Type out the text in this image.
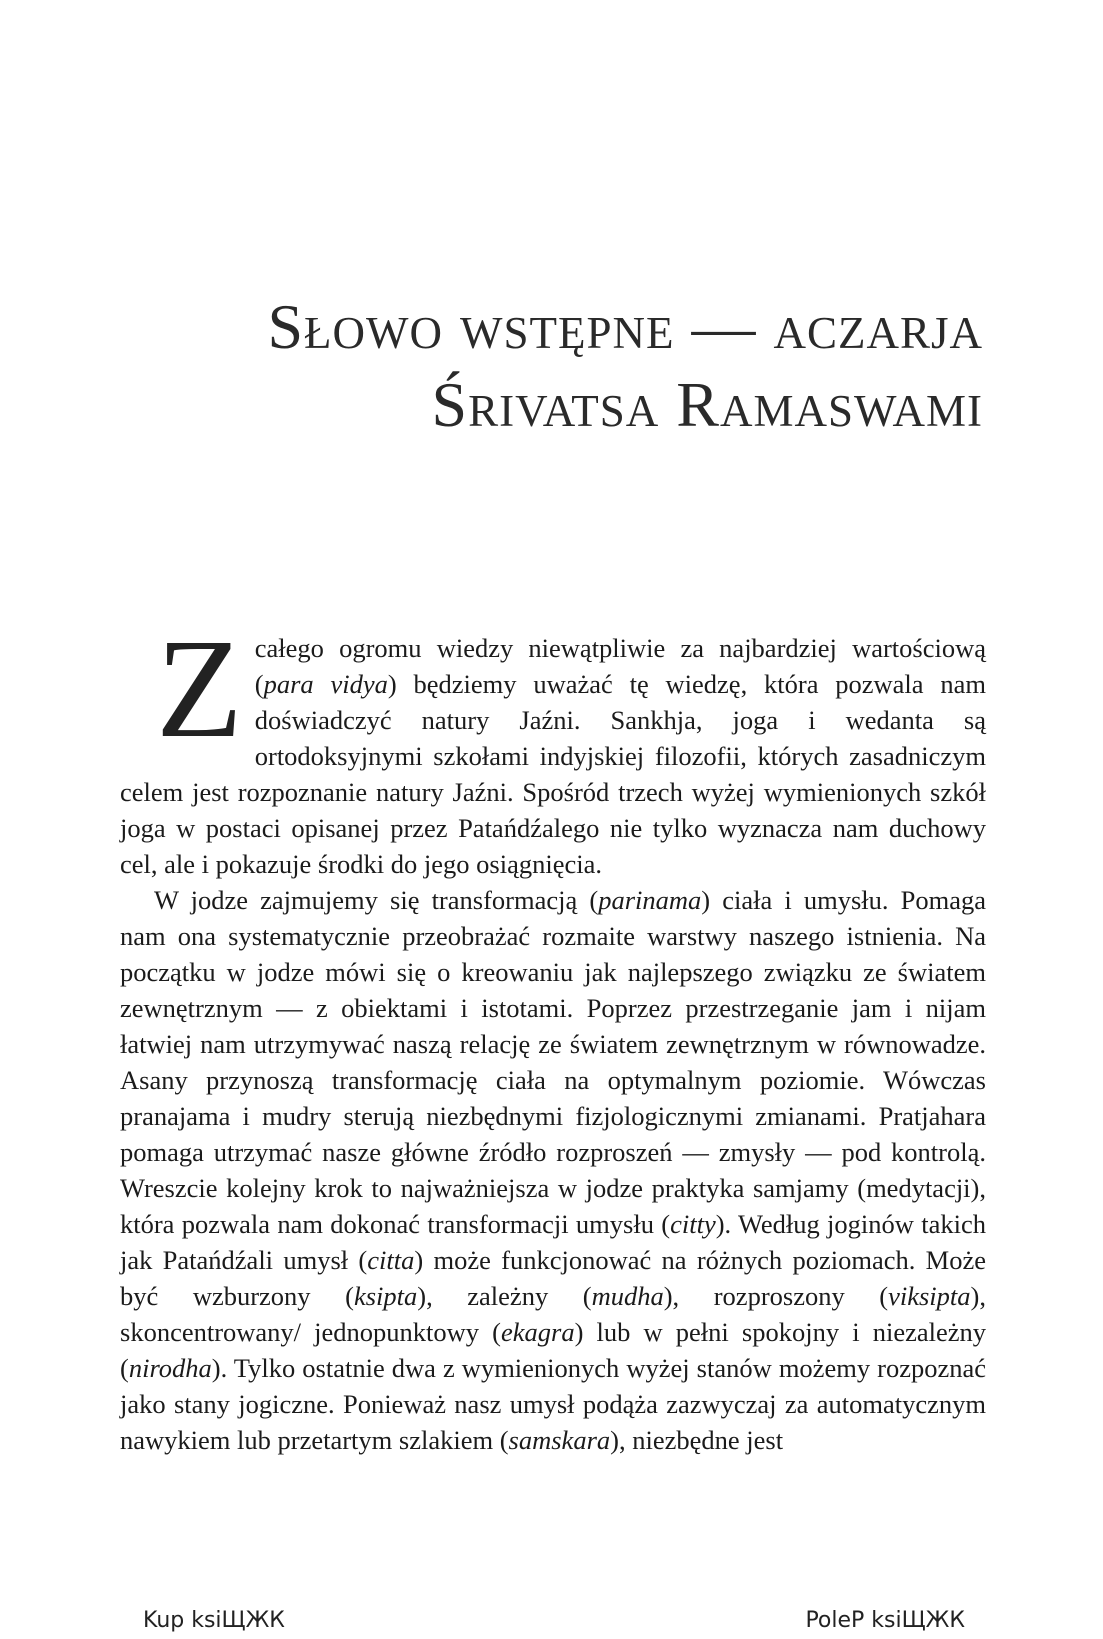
Słowo wstępne — aczarja
Śrivatsa Ramaswami

Z całego ogromu wiedzy niewątpliwie za najbardziej wartościową (para vidya) będziemy uważać tę wiedzę, która pozwala nam doświadczyć natury Jaźni. Sankhja, joga i wedanta są ortodoksyjnymi szkołami indyjskiej filozofii, których zasadniczym celem jest rozpoznanie natury Jaźni. Spośród trzech wyżej wymienionych szkół joga w postaci opisanej przez Patańdźalego nie tylko wyznacza nam duchowy cel, ale i pokazuje środki do jego osiągnięcia.

W jodze zajmujemy się transformacją (parinama) ciała i umysłu. Pomaga nam ona systematycznie przeobrażać rozmaite warstwy naszego istnienia. Na początku w jodze mówi się o kreowaniu jak najlepszego związku ze światem zewnętrznym — z obiektami i istotami. Poprzez przestrzeganie jam i nijam łatwiej nam utrzymywać naszą relację ze światem zewnętrznym w równowadze. Asany przynoszą transformację ciała na optymalnym poziomie. Wówczas pranajama i mudry sterują niezbędnymi fizjologicznymi zmianami. Pratjahara pomaga utrzymać nasze główne źródło rozproszeń — zmysły — pod kontrolą. Wreszcie kolejny krok to najważniejsza w jodze praktyka samjamy (medytacji), która pozwala nam dokonać transformacji umysłu (citty). Według joginów takich jak Patańdźali umysł (citta) może funkcjonować na różnych poziomach. Może być wzburzony (ksipta), zależny (mudha), rozproszony (viksipta), skoncentrowany/ jednopunktowy (ekagra) lub w pełni spokojny i niezależny (nirodha). Tylko ostatnie dwa z wymienionych wyżej stanów możemy rozpoznać jako stany jogiczne. Ponieważ nasz umysł podąża zazwyczaj za automatycznym nawykiem lub przetartym szlakiem (samskara), niezbędne jest

Kup ksiЩЖК	PoleР ksiЩЖК
